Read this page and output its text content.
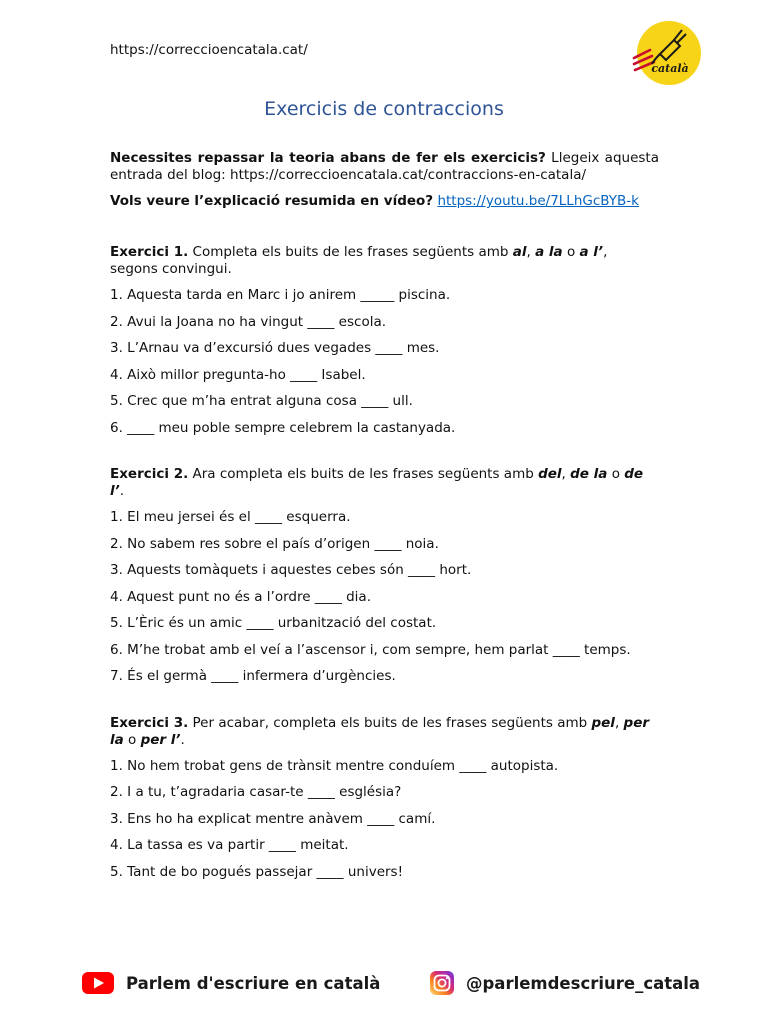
https://correccioencatala.cat/
català
Exercicis de contraccions

Necessites repassar la teoria abans de fer els exercicis? Llegeix aquesta entrada del blog: https://correccioencatala.cat/contraccions-en-catala/

Vols veure l’explicació resumida en vídeo? https://youtu.be/7LLhGcBYB-k

Exercici 1. Completa els buits de les frases següents amb al, a la o a l’, segons convingui.

1. Aquesta tarda en Marc i jo anirem _____ piscina.

2. Avui la Joana no ha vingut ____ escola.

3. L’Arnau va d’excursió dues vegades ____ mes.

4. Això millor pregunta-ho ____ Isabel.

5. Crec que m’ha entrat alguna cosa ____ ull.

6. ____ meu poble sempre celebrem la castanyada.

Exercici 2. Ara completa els buits de les frases següents amb del, de la o de l’.

1. El meu jersei és el ____ esquerra.

2. No sabem res sobre el país d’origen ____ noia.

3. Aquests tomàquets i aquestes cebes són ____ hort.

4. Aquest punt no és a l’ordre ____ dia.

5. L’Èric és un amic ____ urbanització del costat.

6. M’he trobat amb el veí a l’ascensor i, com sempre, hem parlat ____ temps.

7. És el germà ____ infermera d’urgències.

Exercici 3. Per acabar, completa els buits de les frases següents amb pel, per la o per l’.

1. No hem trobat gens de trànsit mentre conduíem ____ autopista.

2. I a tu, t’agradaria casar-te ____ església?

3. Ens ho ha explicat mentre anàvem ____ camí.

4. La tassa es va partir ____ meitat.

5. Tant de bo pogués passejar ____ univers!

Parlem d'escriure en català	@parlemdescriure_catala
